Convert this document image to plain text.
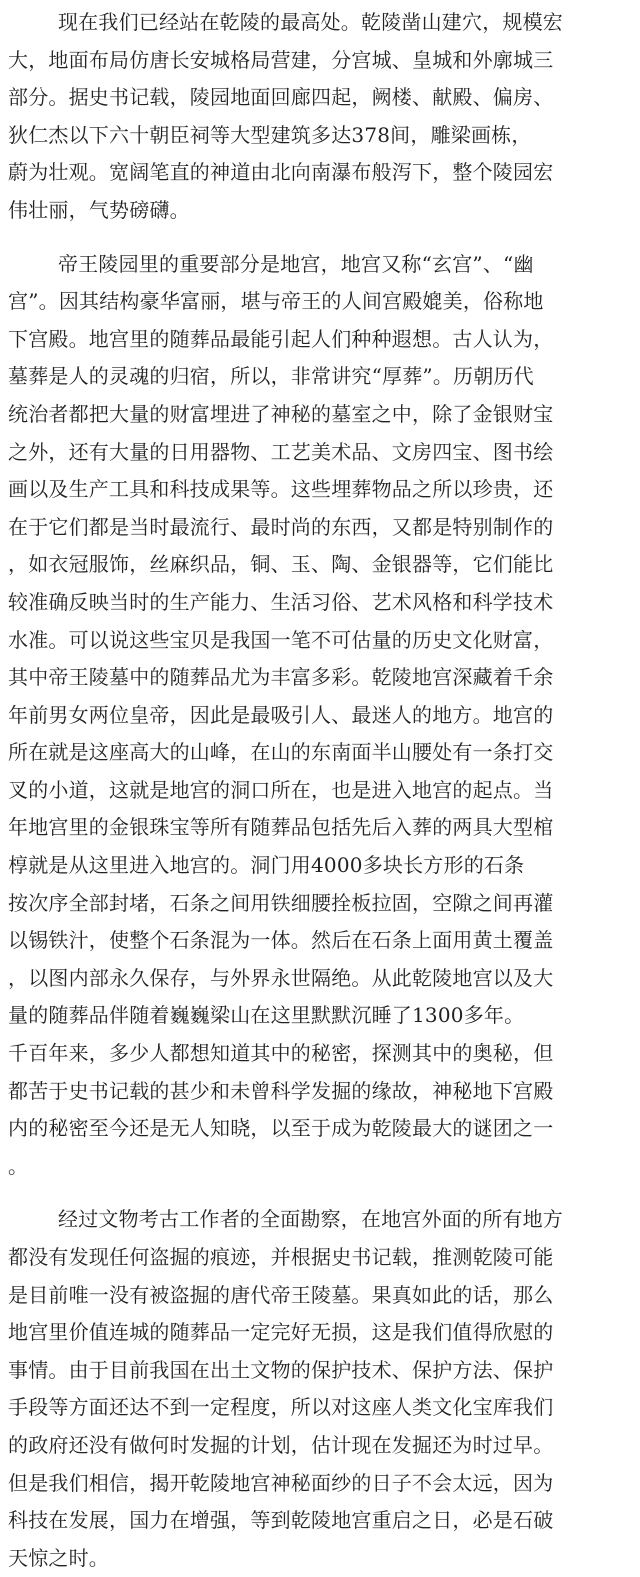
现在我们已经站在乾陵的最高处。乾陵凿山建穴，规模宏
大，地面布局仿唐长安城格局营建，分宫城、皇城和外廓城三
部分。据史书记载，陵园地面回廊四起，阙楼、献殿、偏房、
狄仁杰以下六十朝臣祠等大型建筑多达378间，雕梁画栋，
蔚为壮观。宽阔笔直的神道由北向南瀑布般泻下，整个陵园宏
伟壮丽，气势磅礴。
帝王陵园里的重要部分是地宫，地宫又称“玄宫”、“幽
宫”。因其结构豪华富丽，堪与帝王的人间宫殿媲美，俗称地
下宫殿。地宫里的随葬品最能引起人们种种遐想。古人认为，
墓葬是人的灵魂的归宿，所以，非常讲究“厚葬”。历朝历代
统治者都把大量的财富埋进了神秘的墓室之中，除了金银财宝
之外，还有大量的日用器物、工艺美术品、文房四宝、图书绘
画以及生产工具和科技成果等。这些埋葬物品之所以珍贵，还
在于它们都是当时最流行、最时尚的东西，又都是特别制作的
，如衣冠服饰，丝麻织品，铜、玉、陶、金银器等，它们能比
较准确反映当时的生产能力、生活习俗、艺术风格和科学技术
水准。可以说这些宝贝是我国一笔不可估量的历史文化财富，
其中帝王陵墓中的随葬品尤为丰富多彩。乾陵地宫深藏着千余
年前男女两位皇帝，因此是最吸引人、最迷人的地方。地宫的
所在就是这座高大的山峰，在山的东南面半山腰处有一条打交
叉的小道，这就是地宫的洞口所在，也是进入地宫的起点。当
年地宫里的金银珠宝等所有随葬品包括先后入葬的两具大型棺
椁就是从这里进入地宫的。洞门用4000多块长方形的石条
按次序全部封堵，石条之间用铁细腰拴板拉固，空隙之间再灌
以锡铁汁，使整个石条混为一体。然后在石条上面用黄土覆盖
，以图内部永久保存，与外界永世隔绝。从此乾陵地宫以及大
量的随葬品伴随着巍巍梁山在这里默默沉睡了1300多年。
千百年来，多少人都想知道其中的秘密，探测其中的奥秘，但
都苦于史书记载的甚少和未曾科学发掘的缘故，神秘地下宫殿
内的秘密至今还是无人知晓，以至于成为乾陵最大的谜团之一
。
经过文物考古工作者的全面勘察，在地宫外面的所有地方
都没有发现任何盗掘的痕迹，并根据史书记载，推测乾陵可能
是目前唯一没有被盗掘的唐代帝王陵墓。果真如此的话，那么
地宫里价值连城的随葬品一定完好无损，这是我们值得欣慰的
事情。由于目前我国在出土文物的保护技术、保护方法、保护
手段等方面还达不到一定程度，所以对这座人类文化宝库我们
的政府还没有做何时发掘的计划，估计现在发掘还为时过早。
但是我们相信，揭开乾陵地宫神秘面纱的日子不会太远，因为
科技在发展，国力在增强，等到乾陵地宫重启之日，必是石破
天惊之时。
